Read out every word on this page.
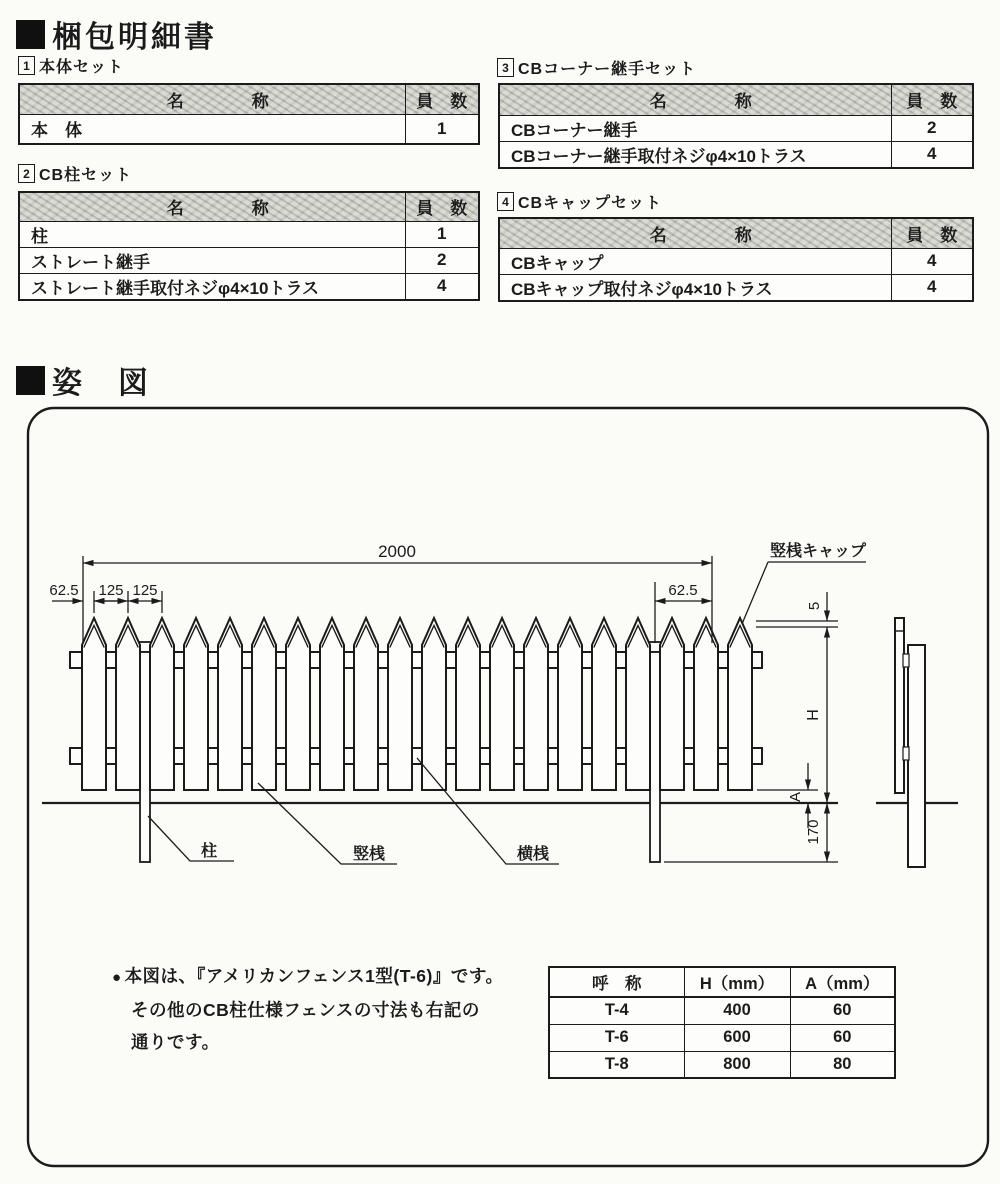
梱包明細書
1 本体セット
名　　　　称	員　数
本　体	1
2 CB柱セット
名　　　　称	員　数
柱	1
ストレート継手	2
ストレート継手取付ネジφ4×10トラス	4
3 CBコーナー継手セット
名　　　　称	員　数
CBコーナー継手	2
CBコーナー継手取付ネジφ4×10トラス	4
4 CBキャップセット
名　　　　称	員　数
CBキャップ	4
CBキャップ取付ネジφ4×10トラス	4
姿　図
2000
62.5 125 125	62.5
5
H
A
170
竪桟キャップ
柱	竪桟	横桟
● 本図は、『アメリカンフェンス1型(T-6)』です。
その他のCB柱仕様フェンスの寸法も右記の
通りです。
呼　称	H（mm）	A（mm）
T-4	400	60
T-6	600	60
T-8	800	80
